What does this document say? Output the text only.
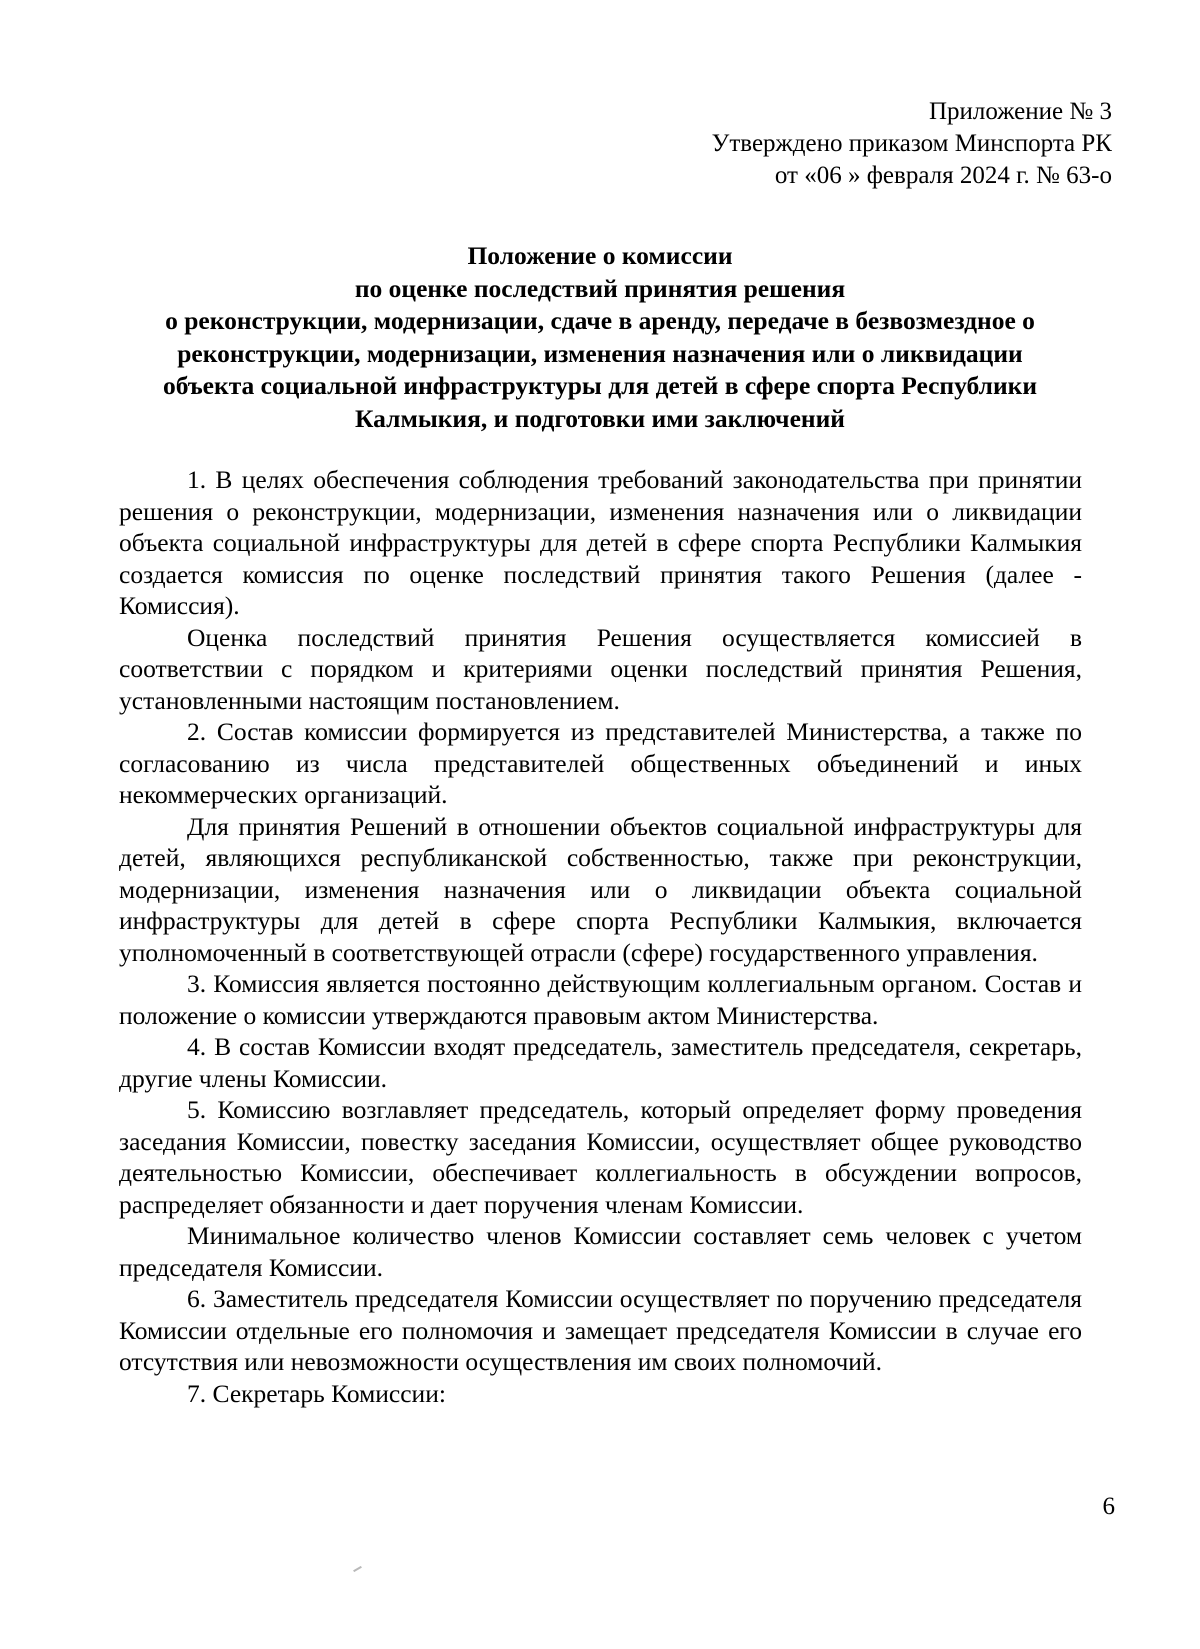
Приложение № 3
Утверждено приказом Минспорта РК
от «06 » февраля 2024 г. № 63-о
Положение о комиссии
по оценке последствий принятия решения
о реконструкции, модернизации, сдаче в аренду, передаче в безвозмездное о
реконструкции, модернизации, изменения назначения или о ликвидации
объекта социальной инфраструктуры для детей в сфере спорта Республики
Калмыкия, и подготовки ими заключений

1. В целях обеспечения соблюдения требований законодательства при принятии решения о реконструкции, модернизации, изменения назначения или о ликвидации объекта социальной инфраструктуры для детей в сфере спорта Республики Калмыкия создается комиссия по оценке последствий принятия такого Решения (далее - Комиссия).

Оценка последствий принятия Решения осуществляется комиссией в соответствии с порядком и критериями оценки последствий принятия Решения, установленными настоящим постановлением.

2. Состав комиссии формируется из представителей Министерства, а также по согласованию из числа представителей общественных объединений и иных некоммерческих организаций.

Для принятия Решений в отношении объектов социальной инфраструктуры для детей, являющихся республиканской собственностью, также при реконструкции, модернизации, изменения назначения или о ликвидации объекта социальной инфраструктуры для детей в сфере спорта Республики Калмыкия, включается уполномоченный в соответствующей отрасли (сфере) государственного управления.

3. Комиссия является постоянно действующим коллегиальным органом. Состав и положение о комиссии утверждаются правовым актом Министерства.

4. В состав Комиссии входят председатель, заместитель председателя, секретарь, другие члены Комиссии.

5. Комиссию возглавляет председатель, который определяет форму проведения заседания Комиссии, повестку заседания Комиссии, осуществляет общее руководство деятельностью Комиссии, обеспечивает коллегиальность в обсуждении вопросов, распределяет обязанности и дает поручения членам Комиссии.

Минимальное количество членов Комиссии составляет семь человек с учетом председателя Комиссии.

6. Заместитель председателя Комиссии осуществляет по поручению председателя Комиссии отдельные его полномочия и замещает председателя Комиссии в случае его отсутствия или невозможности осуществления им своих полномочий.

7. Секретарь Комиссии:

6
